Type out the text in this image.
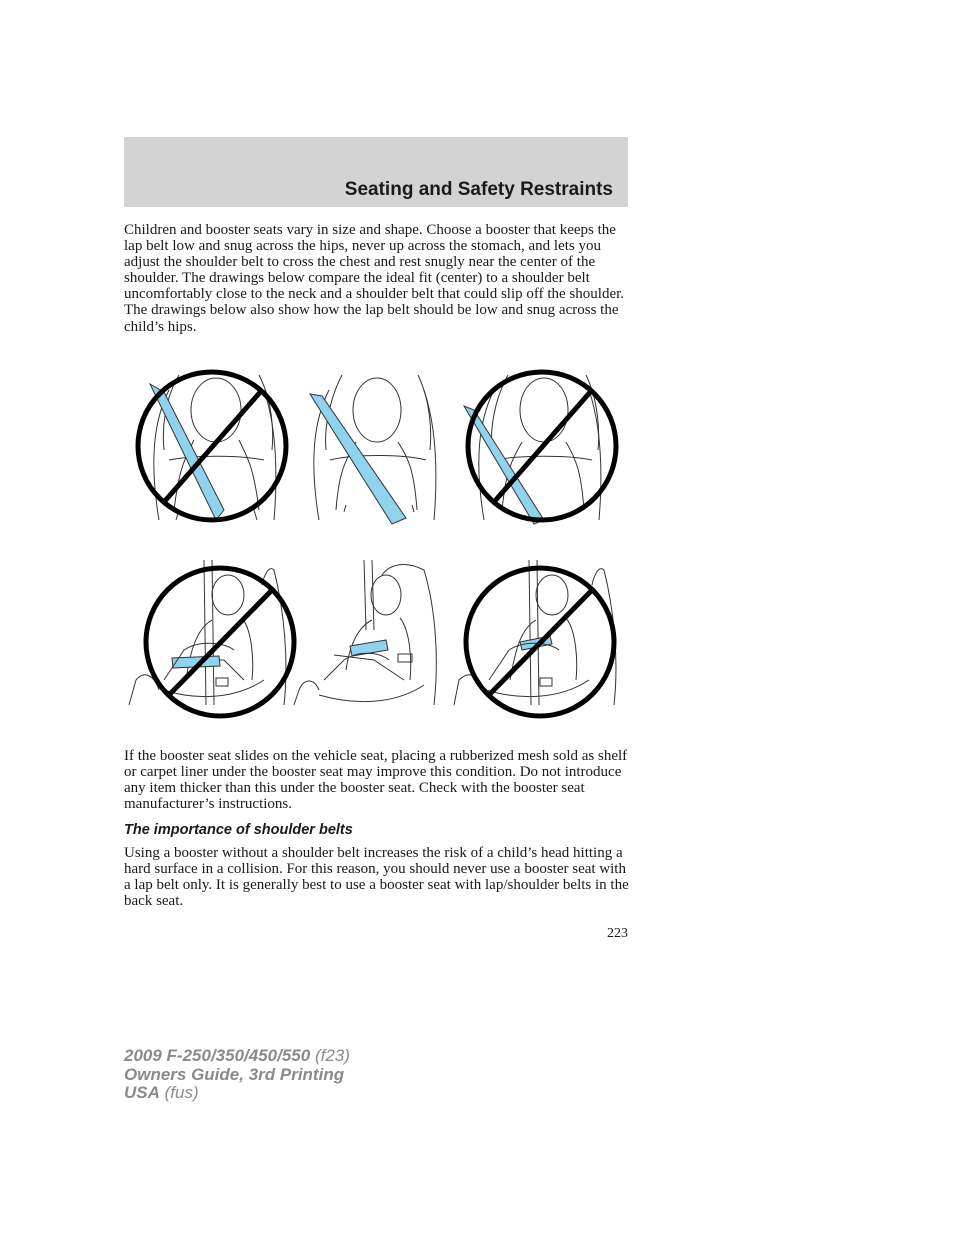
Seating and Safety Restraints

Children and booster seats vary in size and shape. Choose a booster that keeps the lap belt low and snug across the hips, never up across the stomach, and lets you adjust the shoulder belt to cross the chest and rest snugly near the center of the shoulder. The drawings below compare the ideal fit (center) to a shoulder belt uncomfortably close to the neck and a shoulder belt that could slip off the shoulder. The drawings below also show how the lap belt should be low and snug across the child’s hips.

If the booster seat slides on the vehicle seat, placing a rubberized mesh sold as shelf or carpet liner under the booster seat may improve this condition. Do not introduce any item thicker than this under the booster seat. Check with the booster seat manufacturer’s instructions.

The importance of shoulder belts

Using a booster without a shoulder belt increases the risk of a child’s head hitting a hard surface in a collision. For this reason, you should never use a booster seat with a lap belt only. It is generally best to use a booster seat with lap/shoulder belts in the back seat.

223
2009 F-250/350/450/550 (f23)
Owners Guide, 3rd Printing
USA (fus)
